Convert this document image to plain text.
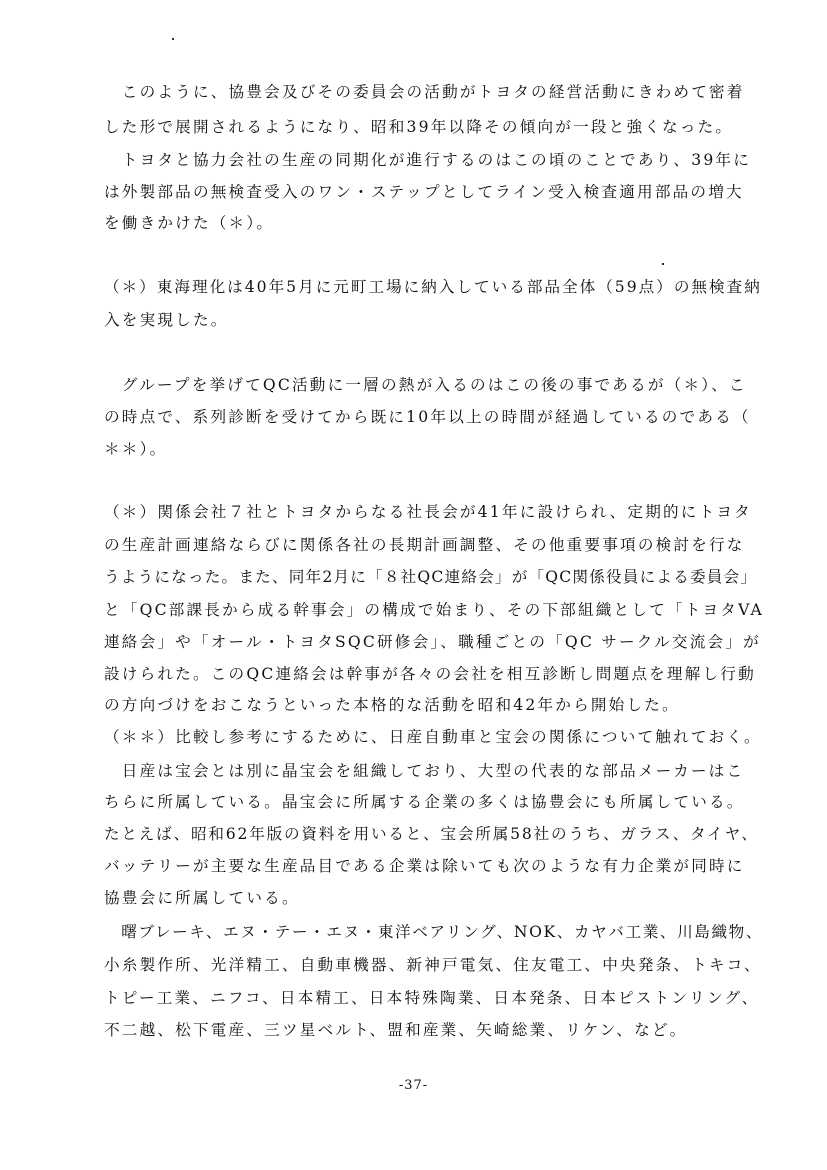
　このように、協豊会及びその委員会の活動がトヨタの経営活動にきわめて密着
した形で展開されるようになり、昭和39年以降その傾向が一段と強くなった。
　トヨタと協力会社の生産の同期化が進行するのはこの頃のことであり、39年に
は外製部品の無検査受入のワン・ステップとしてライン受入検査適用部品の増大
を働きかけた（＊）。
（＊）東海理化は40年5月に元町工場に納入している部品全体（59点）の無検査納
入を実現した。
　グループを挙げてQC活動に一層の熱が入るのはこの後の事であるが（＊）、こ
の時点で、系列診断を受けてから既に10年以上の時間が経過しているのである（
＊＊）。
（＊）関係会社７社とトヨタからなる社長会が41年に設けられ、定期的にトヨタ
の生産計画連絡ならびに関係各社の長期計画調整、その他重要事項の検討を行な
うようになった。また、同年2月に「８社QC連絡会」が「QC関係役員による委員会」
と「QC部課長から成る幹事会」の構成で始まり、その下部組織として「トヨタVA
連絡会」や「オール・トヨタSQC研修会」、職種ごとの「QC サークル交流会」が
設けられた。このQC連絡会は幹事が各々の会社を相互診断し問題点を理解し行動
の方向づけをおこなうといった本格的な活動を昭和42年から開始した。
（＊＊）比較し参考にするために、日産自動車と宝会の関係について触れておく。
　日産は宝会とは別に晶宝会を組織しており、大型の代表的な部品メーカーはこ
ちらに所属している。晶宝会に所属する企業の多くは協豊会にも所属している。
たとえば、昭和62年版の資料を用いると、宝会所属58社のうち、ガラス、タイヤ、
バッテリーが主要な生産品目である企業は除いても次のような有力企業が同時に
協豊会に所属している。
　曙ブレーキ、エヌ・テー・エヌ・東洋ベアリング、NOK、カヤバ工業、川島織物、
小糸製作所、光洋精工、自動車機器、新神戸電気、住友電工、中央発条、トキコ、
トピー工業、ニフコ、日本精工、日本特殊陶業、日本発条、日本ピストンリング、
不二越、松下電産、三ツ星ベルト、盟和産業、矢崎総業、リケン、など。
-37-
